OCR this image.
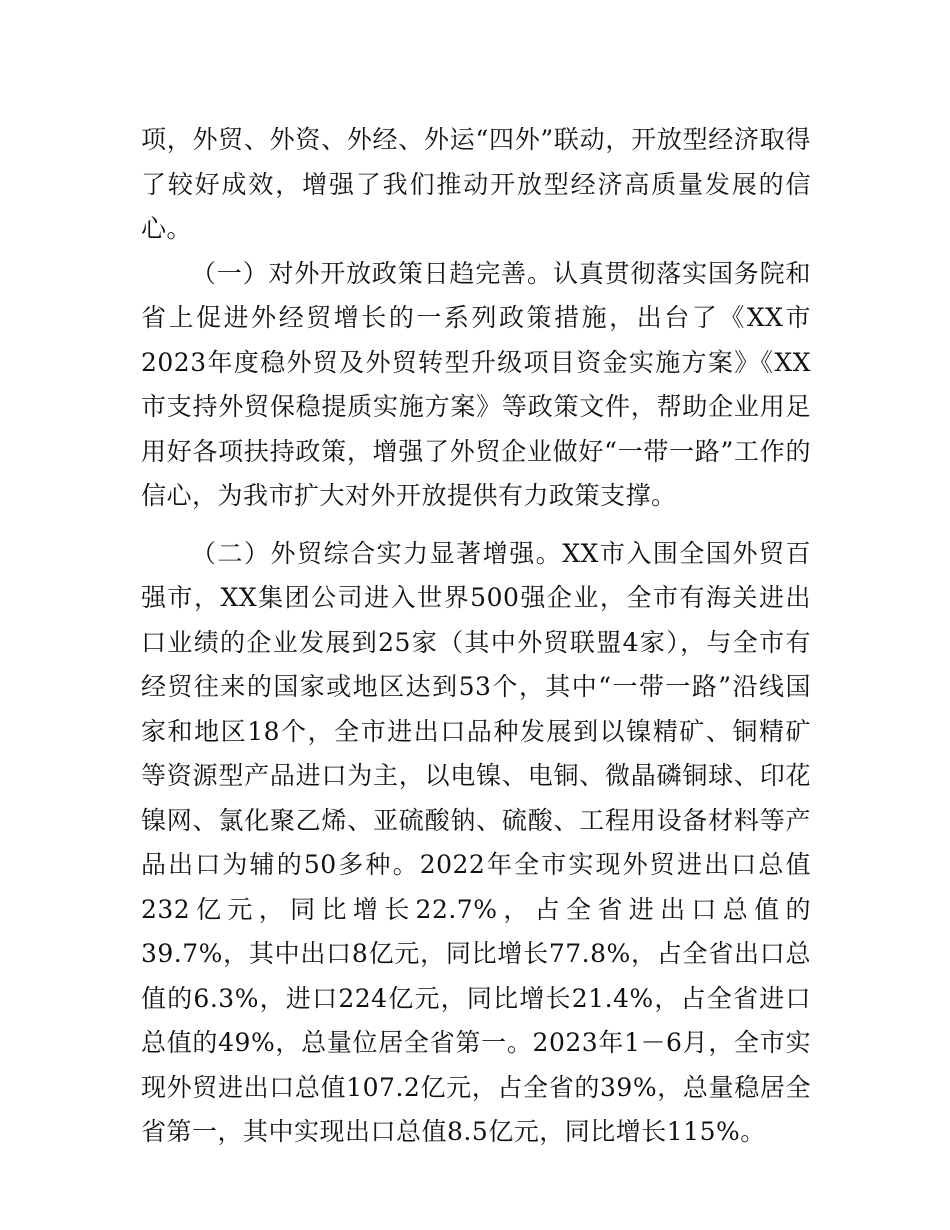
项，外贸、外资、外经、外运“四外”联动，开放型经济取得了较好成效，增强了我们推动开放型经济高质量发展的信心。

（一）对外开放政策日趋完善。认真贯彻落实国务院和省上促进外经贸增长的一系列政策措施，出台了《XX市2023年度稳外贸及外贸转型升级项目资金实施方案》《XX市支持外贸保稳提质实施方案》等政策文件，帮助企业用足用好各项扶持政策，增强了外贸企业做好“一带一路”工作的信心，为我市扩大对外开放提供有力政策支撑。

（二）外贸综合实力显著增强。XX市入围全国外贸百强市，XX集团公司进入世界500强企业，全市有海关进出口业绩的企业发展到25家（其中外贸联盟4家），与全市有经贸往来的国家或地区达到53个，其中“一带一路”沿线国家和地区18个，全市进出口品种发展到以镍精矿、铜精矿等资源型产品进口为主，以电镍、电铜、微晶磷铜球、印花镍网、氯化聚乙烯、亚硫酸钠、硫酸、工程用设备材料等产品出口为辅的50多种。2022年全市实现外贸进出口总值232亿元，同比增长22.7%，占全省进出口总值的39.7%，其中出口8亿元，同比增长77.8%，占全省出口总值的6.3%，进口224亿元，同比增长21.4%，占全省进口总值的49%，总量位居全省第一。2023年1－6月，全市实现外贸进出口总值107.2亿元，占全省的39%，总量稳居全省第一，其中实现出口总值8.5亿元，同比增长115%。
